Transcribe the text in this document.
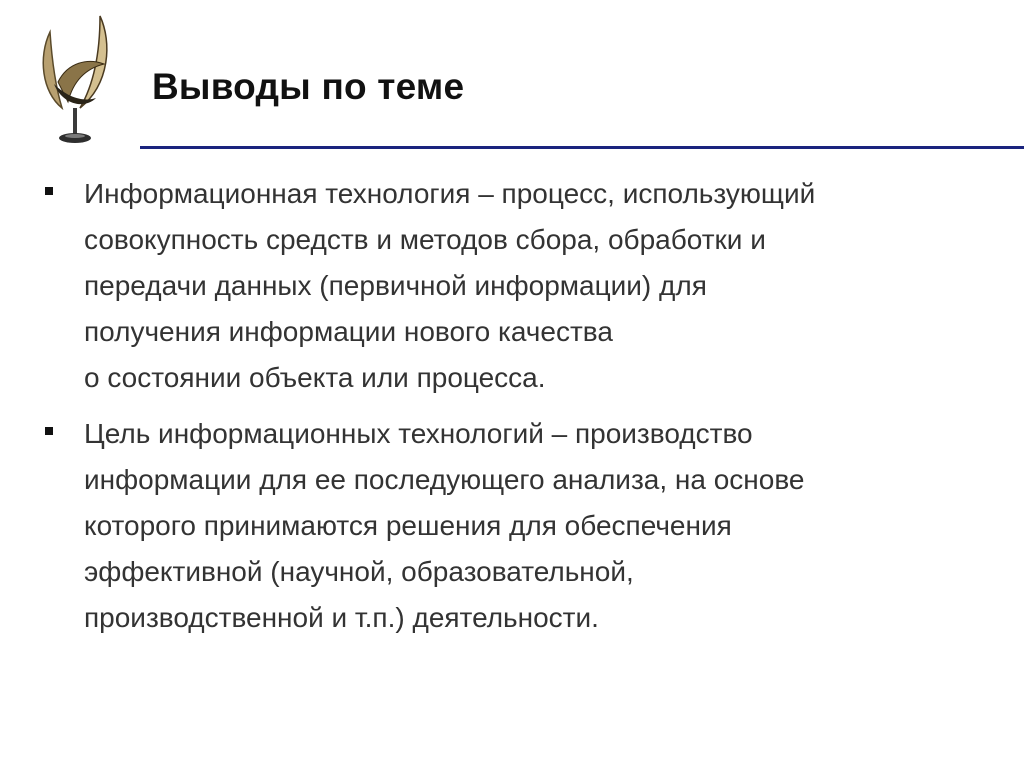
Выводы по теме
Информационная технология – процесс, использующий
совокупность средств и методов сбора, обработки и
передачи данных (первичной информации) для
получения информации нового качества
о состоянии объекта или процесса.
Цель информационных технологий – производство
информации для ее последующего анализа, на основе
которого принимаются решения для обеспечения
эффективной (научной, образовательной,
производственной и т.п.) деятельности.
